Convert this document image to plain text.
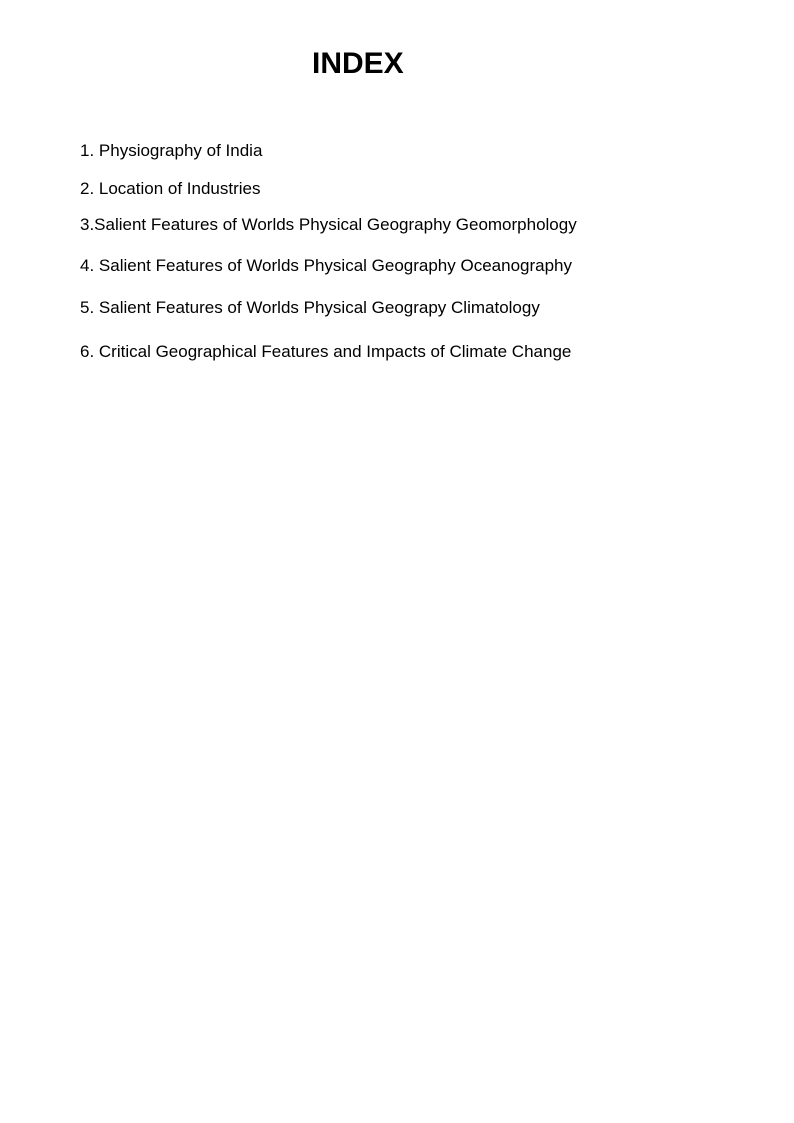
INDEX
1. Physiography of India
2. Location of Industries
3.Salient Features of Worlds Physical Geography Geomorphology
4. Salient Features of Worlds Physical Geography Oceanography
5. Salient Features of Worlds Physical Geograpy Climatology
6. Critical Geographical Features and Impacts of Climate Change
